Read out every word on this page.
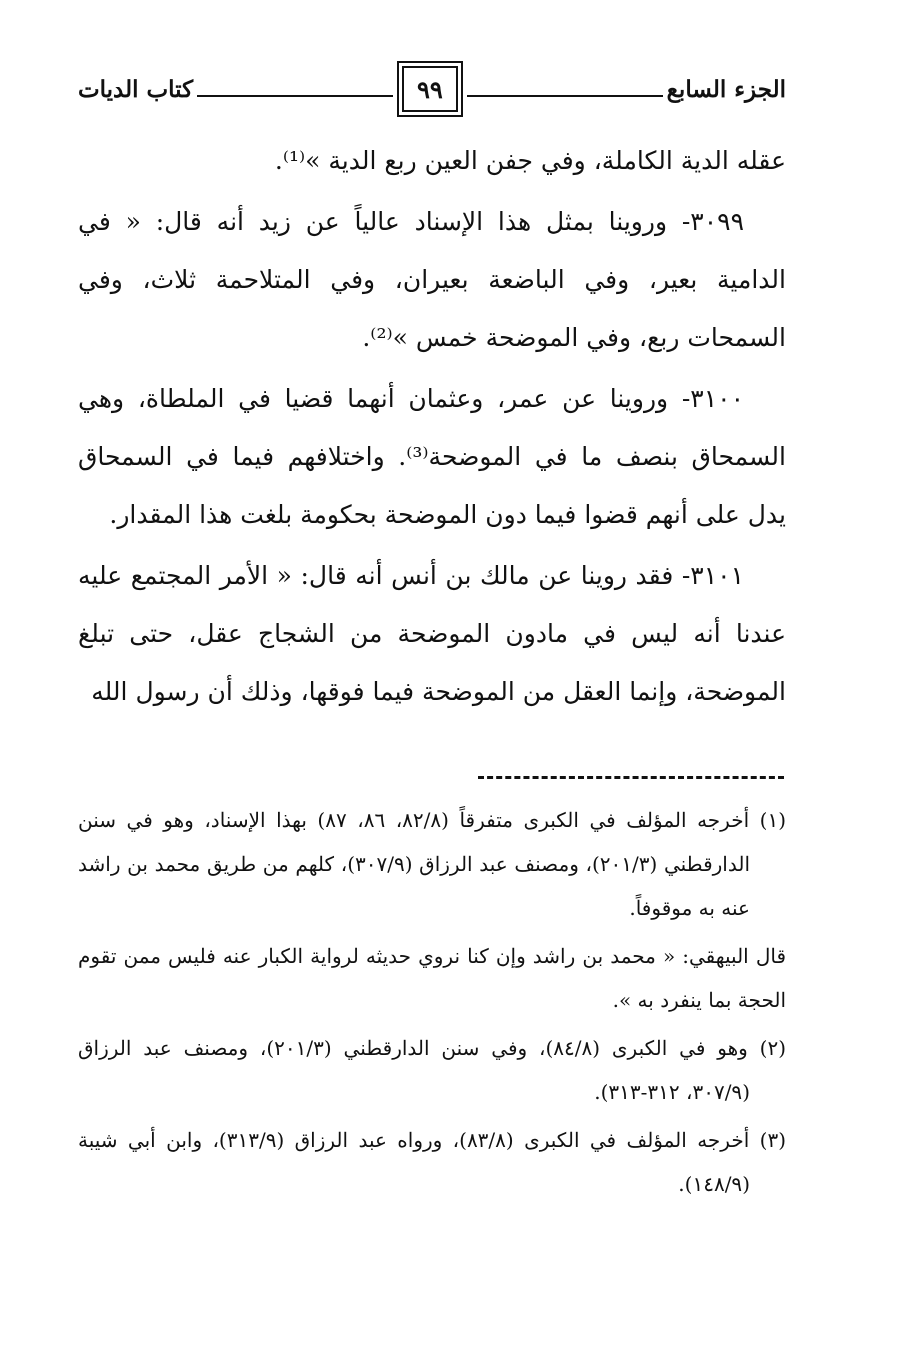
الجزء السابع
٩٩
كتاب الديات

عقله الدية الكاملة، وفي جفن العين ربع الدية »⁽¹⁾.

٣٠٩٩- وروينا بمثل هذا الإسناد عالياً عن زيد أنه قال: « في الدامية بعير، وفي الباضعة بعيران، وفي المتلاحمة ثلاث، وفي السمحات ربع، وفي الموضحة خمس »⁽²⁾.

٣١٠٠- وروينا عن عمر، وعثمان أنهما قضيا في الملطاة، وهي السمحاق بنصف ما في الموضحة⁽³⁾. واختلافهم فيما في السمحاق يدل على أنهم قضوا فيما دون الموضحة بحكومة بلغت هذا المقدار.

٣١٠١- فقد روينا عن مالك بن أنس أنه قال: « الأمر المجتمع عليه عندنا أنه ليس في مادون الموضحة من الشجاج عقل، حتى تبلغ الموضحة، وإنما العقل من الموضحة فيما فوقها، وذلك أن رسول الله

(١) أخرجه المؤلف في الكبرى متفرقاً (٨٢/٨، ٨٦، ٨٧) بهذا الإسناد، وهو في سنن الدارقطني (٢٠١/٣)، ومصنف عبد الرزاق (٣٠٧/٩)، كلهم من طريق محمد بن راشد عنه به موقوفاً.

قال البيهقي: « محمد بن راشد وإن كنا نروي حديثه لرواية الكبار عنه فليس ممن تقوم الحجة بما ينفرد به ».

(٢) وهو في الكبرى (٨٤/٨)، وفي سنن الدارقطني (٢٠١/٣)، ومصنف عبد الرزاق (٣٠٧/٩، ٣١٢-٣١٣).

(٣) أخرجه المؤلف في الكبرى (٨٣/٨)، ورواه عبد الرزاق (٣١٣/٩)، وابن أبي شيبة (١٤٨/٩).
